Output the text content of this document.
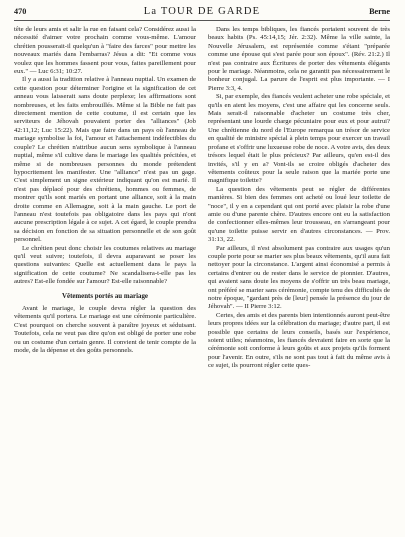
470	La TOUR DE GARDE	Berne

tête de leurs amis et salir la rue en faisant cela? Considérez aussi la nécessité d'aimer votre prochain comme vous-même. L'amour chrétien pousserait-il quelqu'un à "faire des farces" pour mettre les nouveaux mariés dans l'embarras? Jésus a dit: "Et comme vous voulez que les hommes fassent pour vous, faites pareillement pour eux." — Luc 6:31; 10:27.

Il y a aussi la tradition relative à l'anneau nuptial. Un examen de cette question pour déterminer l'origine et la signification de cet anneau vous laisserait sans doute perplexe; les affirmations sont nombreuses, et les faits embrouillés. Même si la Bible ne fait pas directement mention de cette coutume, il est certain que les serviteurs de Jéhovah pouvaient porter des "alliances" (Job 42:11,12; Luc 15:22). Mais que faire dans un pays où l'anneau de mariage symbolise la foi, l'amour et l'attachement indéfectibles du couple? Le chrétien n'attribue aucun sens symbolique à l'anneau nuptial, même s'il cultive dans le mariage les qualités précitées, et même si de nombreuses personnes du monde prétendent hypocritement les manifester. Une "alliance" n'est pas un gage. C'est simplement un signe extérieur indiquant qu'on est marié. Il n'est pas déplacé pour des chrétiens, hommes ou femmes, de montrer qu'ils sont mariés en portant une alliance, soit à la main droite comme en Allemagne, soit à la main gauche. Le port de l'anneau n'est toutefois pas obligatoire dans les pays qui n'ont aucune prescription légale à ce sujet. A cet égard, le couple prendra sa décision en fonction de sa situation personnelle et de son goût personnel.

Le chrétien peut donc choisir les coutumes relatives au mariage qu'il veut suivre; toutefois, il devra auparavant se poser les questions suivantes: Quelle est actuellement dans le pays la signification de cette coutume? Ne scandaliserа-t-elle pas les autres? Est-elle fondée sur l'amour? Est-elle raisonnable?

Vêtements portés au mariage

Avant le mariage, le couple devra régler la question des vêtements qu'il portera. Le mariage est une cérémonie particulière. C'est pourquoi on cherche souvent à paraître joyeux et séduisant. Toutefois, cela ne veut pas dire qu'on est obligé de porter une robe ou un costume d'un certain genre. Il convient de tenir compte de la mode, de la dépense et des goûts personnels.

Dans les temps bibliques, les fiancés portaient souvent de très beaux habits (Ps. 45:14,15; Jér. 2:32). Même la ville sainte, la Nouvelle Jérusalem, est représentée comme s'étant "préparée comme une épouse qui s'est parée pour son époux". (Rév. 21:2.) Il n'est pas contraire aux Écritures de porter des vêtements élégants pour le mariage. Néanmoins, cela ne garantit pas nécessairement le bonheur conjugal. La parure de l'esprit est plus importante. — I Pierre 3:3, 4.

Si, par exemple, des fiancés veulent acheter une robe spéciale, et qu'ils en aient les moyens, c'est une affaire qui les concerne seuls. Mais serait-il raisonnable d'acheter un costume très cher, représentant une lourde charge pécuniaire pour eux et pour autrui? Une chrétienne du nord de l'Europe remarqua un trésor de service en qualité de ministre spécial à plein temps pour exercer un travail profane et s'offrir une luxueuse robe de noce. A votre avis, des deux trésors lequel était le plus précieux? Par ailleurs, qu'en est-il des invités, s'il y en a? Vont-ils se croire obligés d'acheter des vêtements coûteux pour la seule raison que la mariée porte une magnifique toilette?

La question des vêtements peut se régler de différentes manières. Si bien des femmes ont acheté ou loué leur toilette de "noce", il y en a cependant qui ont porté avec plaisir la robe d'une amie ou d'une parente chère. D'autres encore ont eu la satisfaction de confectionner elles-mêmes leur trousseau, en s'arrangeant pour qu'une toilette puisse servir en d'autres circonstances. — Prov. 31:13, 22.

Par ailleurs, il n'est absolument pas contraire aux usages qu'un couple porte pour se marier ses plus beaux vêtements, qu'il aura fait nettoyer pour la circonstance. L'argent ainsi économisé a permis à certains d'entrer ou de rester dans le service de pionnier. D'autres, qui avaient sans doute les moyens de s'offrir un très beau mariage, ont préféré se marier sans cérémonie, compte tenu des difficultés de notre époque, "gardant près de [leur] pensée la présence du jour de Jéhovah". — II Pierre 3:12.

Certes, des amis et des parents bien intentionnés auront peut-être leurs propres idées sur la célébration du mariage; d'autre part, il est possible que certains de leurs conseils, basés sur l'expérience, soient utiles; néanmoins, les fiancés devraient faire en sorte que la cérémonie soit conforme à leurs goûts et aux projets qu'ils forment pour l'avenir. En outre, s'ils ne sont pas tout à fait du même avis à ce sujet, ils pourront régler cette ques-
